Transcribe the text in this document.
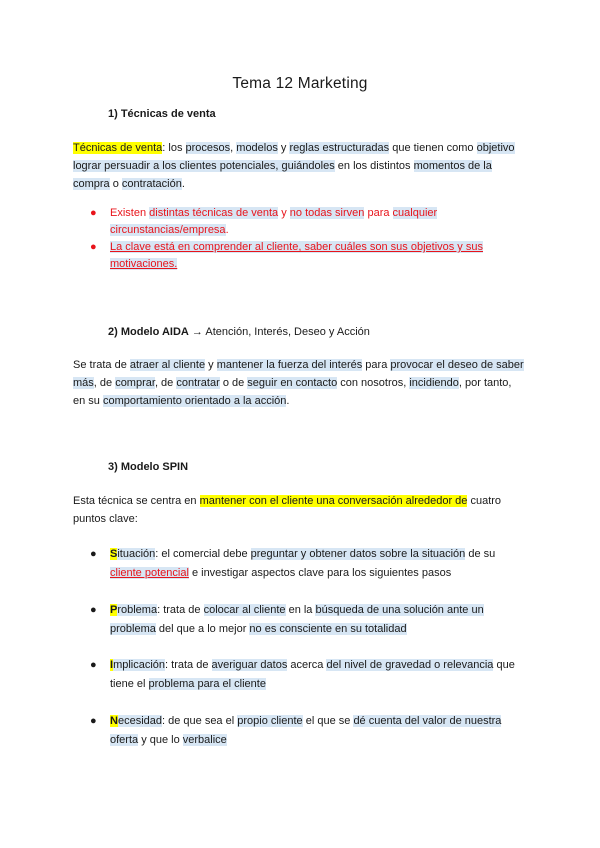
Tema 12 Marketing
1) Técnicas de venta
Técnicas de venta: los procesos, modelos y reglas estructuradas que tienen como objetivo
lograr persuadir a los clientes potenciales, guiándoles en los distintos momentos de la
compra o contratación.
● Existen distintas técnicas de venta y no todas sirven para cualquier
circunstancias/empresa.
● La clave está en comprender al cliente, saber cuáles son sus objetivos y sus
motivaciones.
2) Modelo AIDA → Atención, Interés, Deseo y Acción
Se trata de atraer al cliente y mantener la fuerza del interés para provocar el deseo de saber
más, de comprar, de contratar o de seguir en contacto con nosotros, incidiendo, por tanto,
en su comportamiento orientado a la acción.
3) Modelo SPIN
Esta técnica se centra en mantener con el cliente una conversación alrededor de cuatro
puntos clave:
● Situación: el comercial debe preguntar y obtener datos sobre la situación de su
cliente potencial e investigar aspectos clave para los siguientes pasos
● Problema: trata de colocar al cliente en la búsqueda de una solución ante un
problema del que a lo mejor no es consciente en su totalidad
● Implicación: trata de averiguar datos acerca del nivel de gravedad o relevancia que
tiene el problema para el cliente
● Necesidad: de que sea el propio cliente el que se dé cuenta del valor de nuestra
oferta y que lo verbalice
